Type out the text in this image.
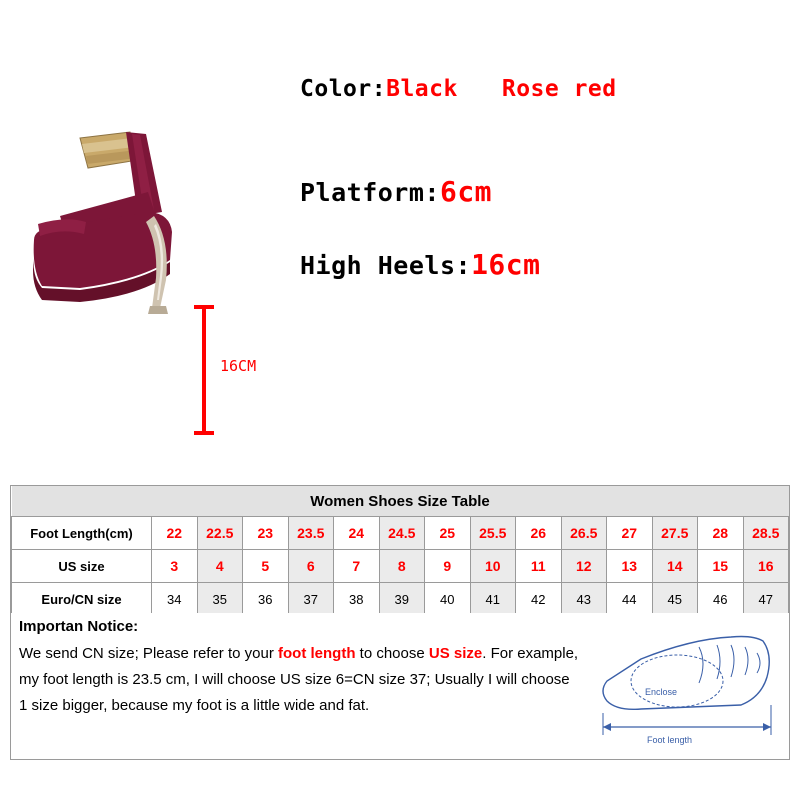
Color:Black Rose red
Platform:6cm
High Heels:16cm
16CM
Women Shoes Size Table														
Foot Length(cm)	22	22.5	23	23.5	24	24.5	25	25.5	26	26.5	27	27.5	28	28.5
US size	3	4	5	6	7	8	9	10	11	12	13	14	15	16
Euro/CN size	34	35	36	37	38	39	40	41	42	43	44	45	46	47
Importan Notice:
We send CN size; Please refer to your foot length to choose US size. For example,
my foot length is 23.5 cm, I will choose US size 6=CN size 37; Usually I will choose
1 size bigger, because my foot is a little wide and fat.
Enclose
Foot length
